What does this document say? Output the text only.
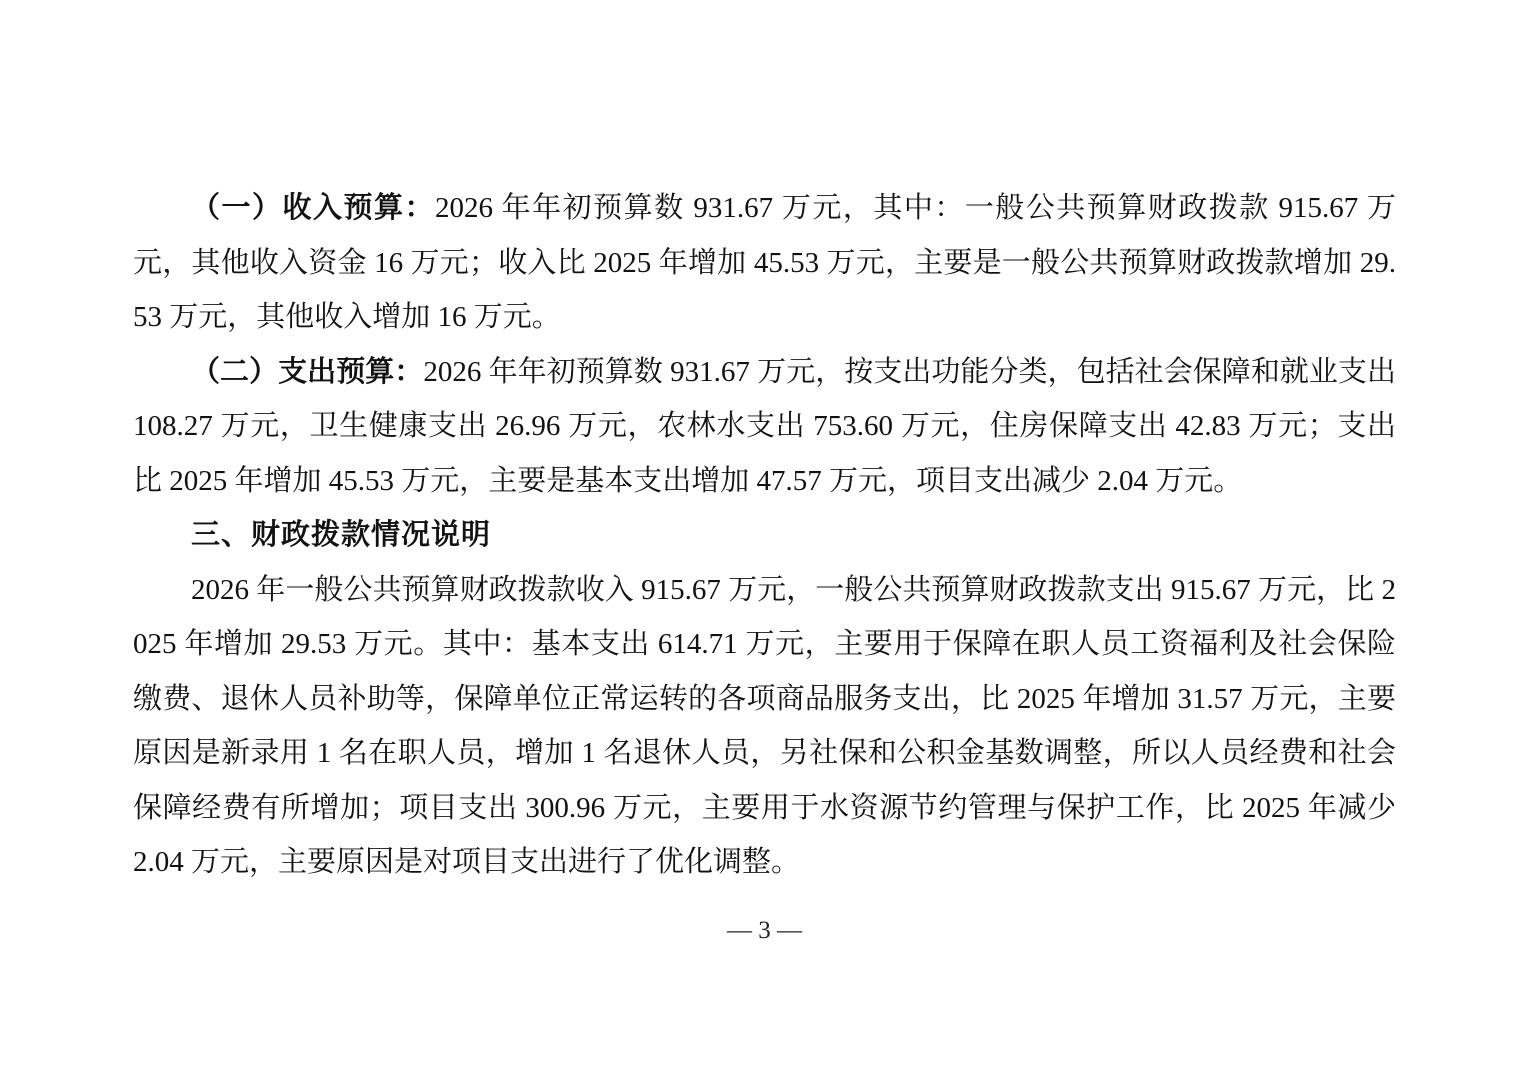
（一）收入预算：2026 年年初预算数 931.67 万元，其中：一般公共预算财政拨款 915.67 万元，其他收入资金 16 万元；收入比 2025 年增加 45.53 万元，主要是一般公共预算财政拨款增加 29.53 万元，其他收入增加 16 万元。

（二）支出预算：2026 年年初预算数 931.67 万元，按支出功能分类，包括社会保障和就业支出 108.27 万元，卫生健康支出 26.96 万元，农林水支出 753.60 万元，住房保障支出 42.83 万元；支出比 2025 年增加 45.53 万元，主要是基本支出增加 47.57 万元，项目支出减少 2.04 万元。

三、财政拨款情况说明

2026 年一般公共预算财政拨款收入 915.67 万元，一般公共预算财政拨款支出 915.67 万元，比 2025 年增加 29.53 万元。其中：基本支出 614.71 万元，主要用于保障在职人员工资福利及社会保险缴费、退休人员补助等，保障单位正常运转的各项商品服务支出，比 2025 年增加 31.57 万元，主要原因是新录用 1 名在职人员，增加 1 名退休人员，另社保和公积金基数调整，所以人员经费和社会保障经费有所增加；项目支出 300.96 万元，主要用于水资源节约管理与保护工作，比 2025 年减少 2.04 万元，主要原因是对项目支出进行了优化调整。

— 3 —
